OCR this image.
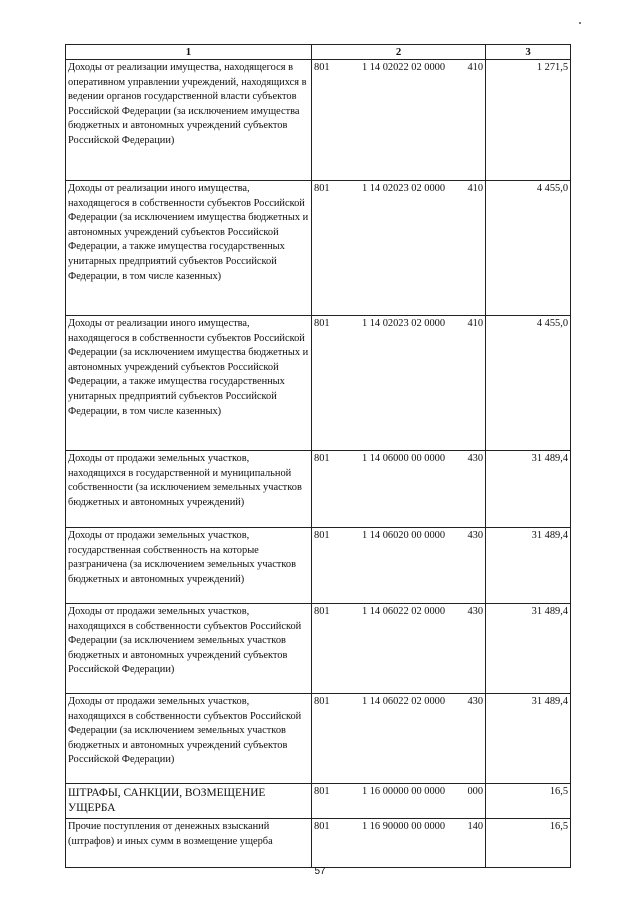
1	2			3
Доходы от реализации имущества, находящегося в оперативном управлении учреждений, находящихся в ведении органов государственной власти субъектов Российской Федерации (за исключением имущества бюджетных и автономных учреждений субъектов Российской Федерации)	801	1 14 02022 02 0000	410	1 271,5
Доходы от реализации иного имущества, находящегося в собственности субъектов Российской Федерации (за исключением имущества бюджетных и автономных учреждений субъектов Российской Федерации, а также имущества государственных унитарных предприятий субъектов Российской Федерации, в том числе казенных)	801	1 14 02023 02 0000	410	4 455,0
Доходы от реализации иного имущества, находящегося в собственности субъектов Российской Федерации (за исключением имущества бюджетных и автономных учреждений субъектов Российской Федерации, а также имущества государственных унитарных предприятий субъектов Российской Федерации, в том числе казенных)	801	1 14 02023 02 0000	410	4 455,0
Доходы от продажи земельных участков, находящихся в государственной и муниципальной собственности (за исключением земельных участков бюджетных и автономных учреждений)	801	1 14 06000 00 0000	430	31 489,4
Доходы от продажи земельных участков, государственная собственность на которые разграничена (за исключением земельных участков бюджетных и автономных учреждений)	801	1 14 06020 00 0000	430	31 489,4
Доходы от продажи земельных участков, находящихся в собственности субъектов Российской Федерации (за исключением земельных участков бюджетных и автономных учреждений субъектов Российской Федерации)	801	1 14 06022 02 0000	430	31 489,4
Доходы от продажи земельных участков, находящихся в собственности субъектов Российской Федерации (за исключением земельных участков бюджетных и автономных учреждений субъектов Российской Федерации)	801	1 14 06022 02 0000	430	31 489,4
ШТРАФЫ, САНКЦИИ, ВОЗМЕЩЕНИЕ УЩЕРБА	801	1 16 00000 00 0000	000	16,5
Прочие поступления от денежных взысканий (штрафов) и иных сумм в возмещение ущерба	801	1 16 90000 00 0000	140	16,5
57
